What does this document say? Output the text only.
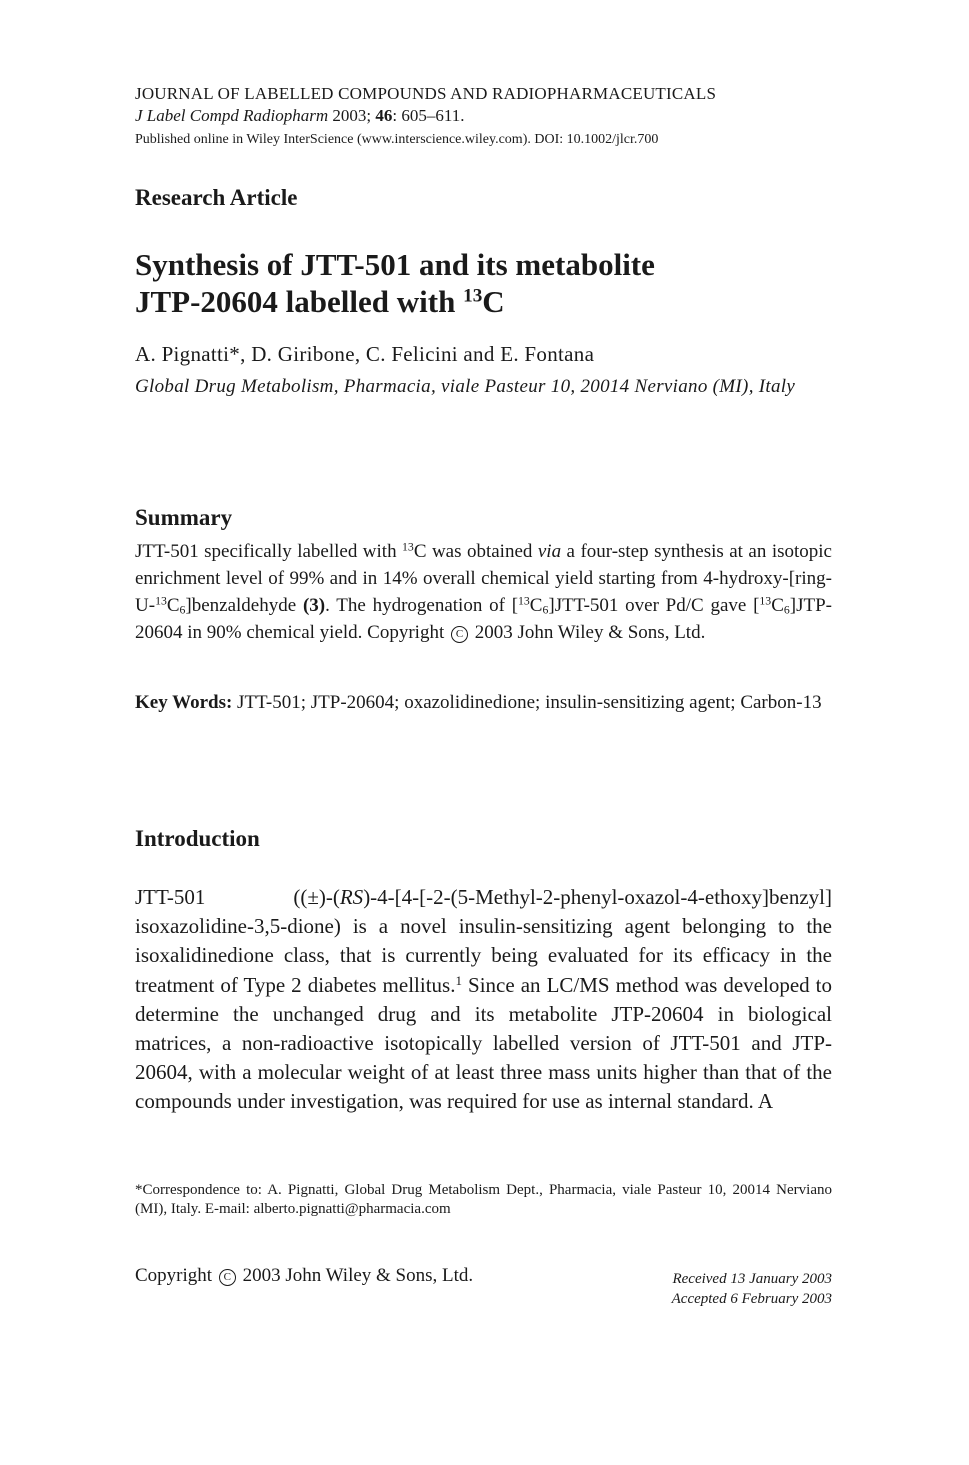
JOURNAL OF LABELLED COMPOUNDS AND RADIOPHARMACEUTICALS
J Label Compd Radiopharm 2003; 46: 605–611.
Published online in Wiley InterScience (www.interscience.wiley.com). DOI: 10.1002/jlcr.700
Research Article
Synthesis of JTT-501 and its metabolite
JTP-20604 labelled with $^{13}$C
A. Pignatti*, D. Giribone, C. Felicini and E. Fontana
Global Drug Metabolism, Pharmacia, viale Pasteur 10, 20014 Nerviano (MI), Italy
Summary
JTT-501 specifically labelled with $^{13}$C was obtained via a four-step synthesis at an isotopic enrichment level of 99% and in 14% overall chemical yield starting from $4-hydroxy-[ring-U-^{13}C_6]benzaldehyde$ (3). The hydrogenation of $[^{13}C_6]JTT-501$ over Pd/C gave $[^{13}C_6]JTP-20604$ in 90% chemical yield. Copyright C 2003 John Wiley & Sons, Ltd.
Key Words: JTT-501; JTP-20604; oxazolidinedione; insulin-sensitizing agent; Carbon-13
Introduction
JTT-501 ((±)-(RS)-4-[4-[-2-(5-Methyl-2-phenyl-oxazol-4-ethoxy]benzyl] isoxazolidine-3,5-dione) is a novel insulin-sensitizing agent belonging to the isoxalidinedione class, that is currently being evaluated for its efficacy in the treatment of Type 2 diabetes mellitus.$^1$ Since an LC/MS method was developed to determine the unchanged drug and its metabolite JTP-20604 in biological matrices, a non-radioactive isotopically labelled version of JTT-501 and JTP-20604, with a molecular weight of at least three mass units higher than that of the compounds under investigation, was required for use as internal standard. A
*Correspondence to: A. Pignatti, Global Drug Metabolism Dept., Pharmacia, viale Pasteur 10, 20014 Nerviano (MI), Italy. E-mail: alberto.pignatti@pharmacia.com
Copyright C 2003 John Wiley & Sons, Ltd.	Received 13 January 2003
Accepted 6 February 2003
